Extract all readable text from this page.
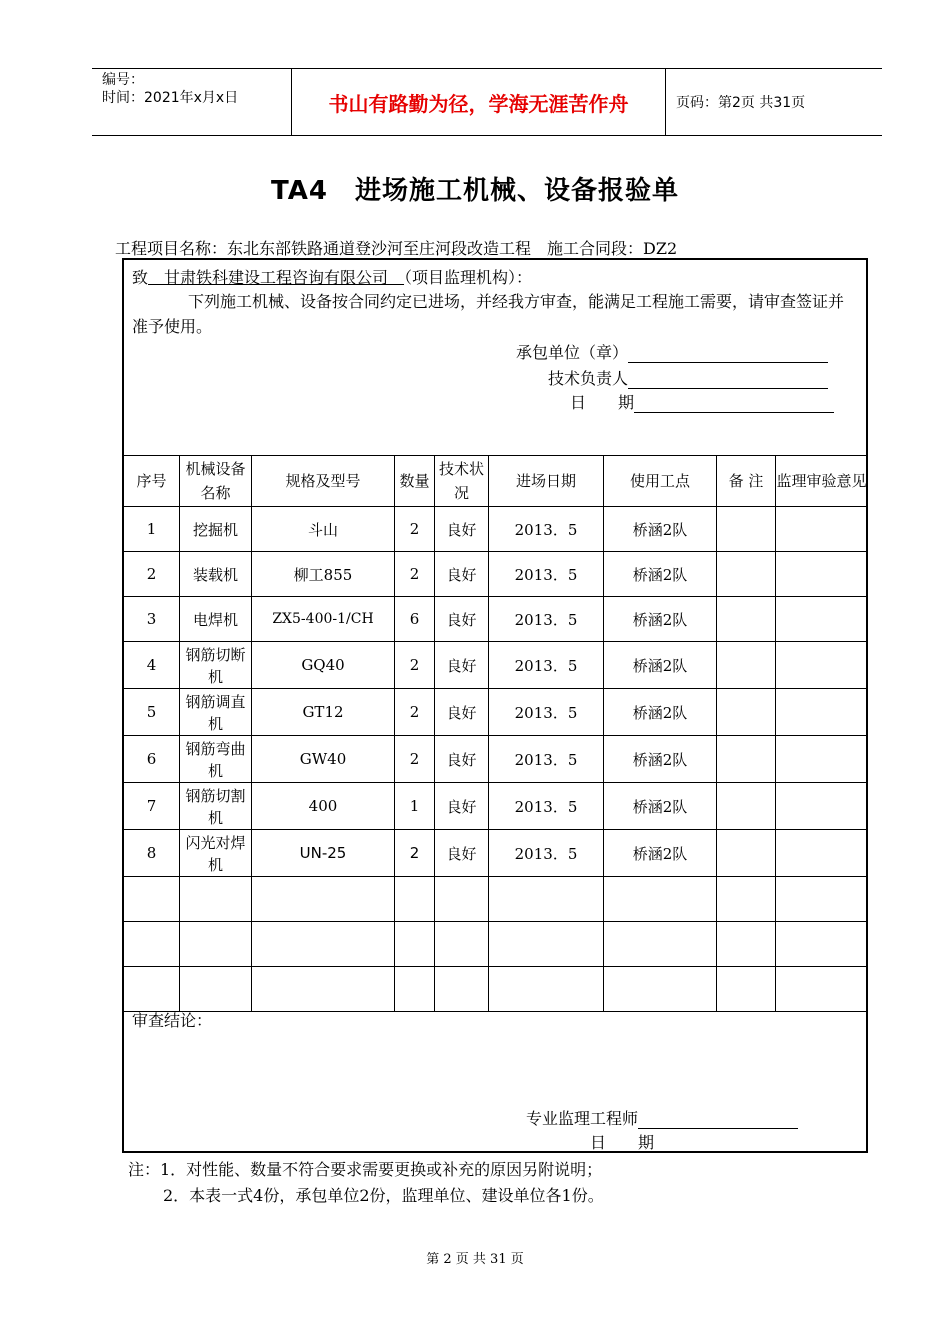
编号：
时间：2021年x月x日	书山有路勤为径，学海无涯苦作舟	页码：第2页 共31页
TA4　进场施工机械、设备报验单
工程项目名称：东北东部铁路通道登沙河至庄河段改造工程　 施工合同段：DZ2
致　甘肃铁科建设工程咨询有限公司　（项目监理机构）：
下列施工机械、设备按合同约定已进场，并经我方审查，能满足工程施工需要，请审查签证并准予使用。
承包单位（章）
技术负责人
日　　期
序号	机械设备名称	规格及型号	数量	技术状况	进场日期	使用工点	备 注	监理审验意见
1	挖掘机	斗山	2	良好	2013．5	桥涵2队		
2	装载机	柳工855	2	良好	2013．5	桥涵2队		
3	电焊机	ZX5-400-1/CH	6	良好	2013．5	桥涵2队		
4	钢筋切断机	GQ40	2	良好	2013．5	桥涵2队		
5	钢筋调直机	GT12	2	良好	2013．5	桥涵2队		
6	钢筋弯曲机	GW40	2	良好	2013．5	桥涵2队		
7	钢筋切割机	400	1	良好	2013．5	桥涵2队		
8	闪光对焊机	UN-25	2	良好	2013．5	桥涵2队		

审查结论：
专业监理工程师
日　　期
注：1．对性能、数量不符合要求需要更换或补充的原因另附说明；
2．本表一式4份，承包单位2份，监理单位、建设单位各1份。
第 2 页 共 31 页
